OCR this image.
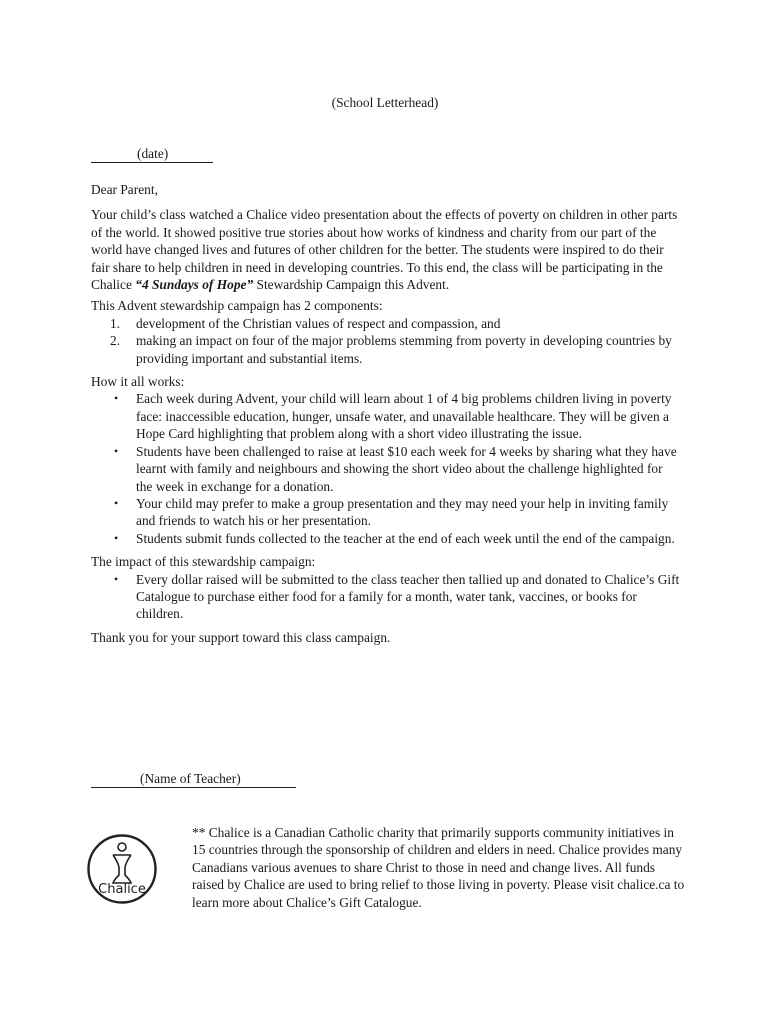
(School Letterhead)
(date)

Dear Parent,

Your child’s class watched a Chalice video presentation about the effects of poverty on children in other parts of the world. It showed positive true stories about how works of kindness and charity from our part of the world have changed lives and futures of other children for the better. The students were inspired to do their fair share to help children in need in developing countries. To this end, the class will be participating in the Chalice “4 Sundays of Hope” Stewardship Campaign this Advent.

This Advent stewardship campaign has 2 components:

1.	development of the Christian values of respect and compassion, and
2.	making an impact on four of the major problems stemming from poverty in developing countries by providing important and substantial items.

How it all works:

• Each week during Advent, your child will learn about 1 of 4 big problems children living in poverty face: inaccessible education, hunger, unsafe water, and unavailable healthcare. They will be given a Hope Card highlighting that problem along with a short video illustrating the issue.
• Students have been challenged to raise at least $10 each week for 4 weeks by sharing what they have learnt with family and neighbours and showing the short video about the challenge highlighted for the week in exchange for a donation.
• Your child may prefer to make a group presentation and they may need your help in inviting family and friends to watch his or her presentation.
• Students submit funds collected to the teacher at the end of each week until the end of the campaign.

The impact of this stewardship campaign:

• Every dollar raised will be submitted to the class teacher then tallied up and donated to Chalice’s Gift Catalogue to purchase either food for a family for a month, water tank, vaccines, or books for children.

Thank you for your support toward this class campaign.

(Name of Teacher)
Chalice

** Chalice is a Canadian Catholic charity that primarily supports community initiatives in 15 countries through the sponsorship of children and elders in need. Chalice provides many Canadians various avenues to share Christ to those in need and change lives. All funds raised by Chalice are used to bring relief to those living in poverty. Please visit chalice.ca to learn more about Chalice’s Gift Catalogue.
